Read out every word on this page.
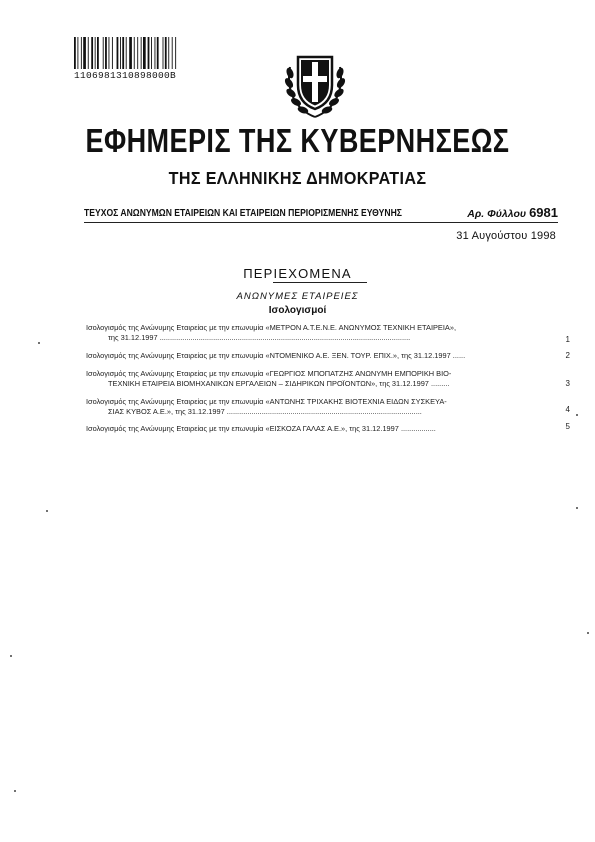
1106981310898000B
ΕΦΗΜΕΡΙΣ ΤΗΣ ΚΥΒΕΡΝΗΣΕΩΣ
ΤΗΣ ΕΛΛΗΝΙΚΗΣ ΔΗΜΟΚΡΑΤΙΑΣ
ΤΕΥΧΟΣ ΑΝΩΝΥΜΩΝ ΕΤΑΙΡΕΙΩΝ ΚΑΙ ΕΤΑΙΡΕΙΩΝ ΠΕΡΙΟΡΙΣΜΕΝΗΣ ΕΥΘΥΝΗΣ	Αρ. Φύλλου 6981
31 Αυγούστου 1998
ΠΕΡΙΕΧΟΜΕΝΑ
ΑΝΩΝΥΜΕΣ ΕΤΑΙΡΕΙΕΣ
Ισολογισμοί
Ισολογισμός της Ανώνυμης Εταιρείας με την επωνυμία «ΜΕΤΡΟΝ Α.Τ.Ε.Ν.Ε. ΑΝΩΝΥΜΟΣ ΤΕΧΝΙΚΗ ΕΤΑΙΡΕΙΑ»,
της 31.12.1997 ..........................................................................................................................	1
Ισολογισμός της Ανώνυμης Εταιρείας με την επωνυμία «ΝΤΟΜΕΝΙΚΟ Α.Ε. ΞΕΝ. ΤΟΥΡ. ΕΠΙΧ.», της 31.12.1997 ......	2
Ισολογισμός της Ανώνυμης Εταιρείας με την επωνυμία «ΓΕΩΡΓΙΟΣ ΜΠΟΠΑΤΖΗΣ ΑΝΩΝΥΜΗ ΕΜΠΟΡΙΚΗ ΒΙΟ-
ΤΕΧΝΙΚΗ ΕΤΑΙΡΕΙΑ ΒΙΟΜΗΧΑΝΙΚΩΝ ΕΡΓΑΛΕΙΩΝ – ΣΙΔΗΡΙΚΩΝ ΠΡΟΪΟΝΤΩΝ», της 31.12.1997 .........	3
Ισολογισμός της Ανώνυμης Εταιρείας με την επωνυμία «ΑΝΤΩΝΗΣ ΤΡΙΧΑΚΗΣ ΒΙΟΤΕΧΝΙΑ ΕΙΔΩΝ ΣΥΣΚΕΥΑ-
ΣΙΑΣ ΚΥΒΟΣ Α.Ε.», της 31.12.1997 ...............................................................................................	4
Ισολογισμός της Ανώνυμης Εταιρείας με την επωνυμία «ΕΙΣΚΟΖΑ ΓΑΛΑΣ Α.Ε.», της 31.12.1997 .................	5
